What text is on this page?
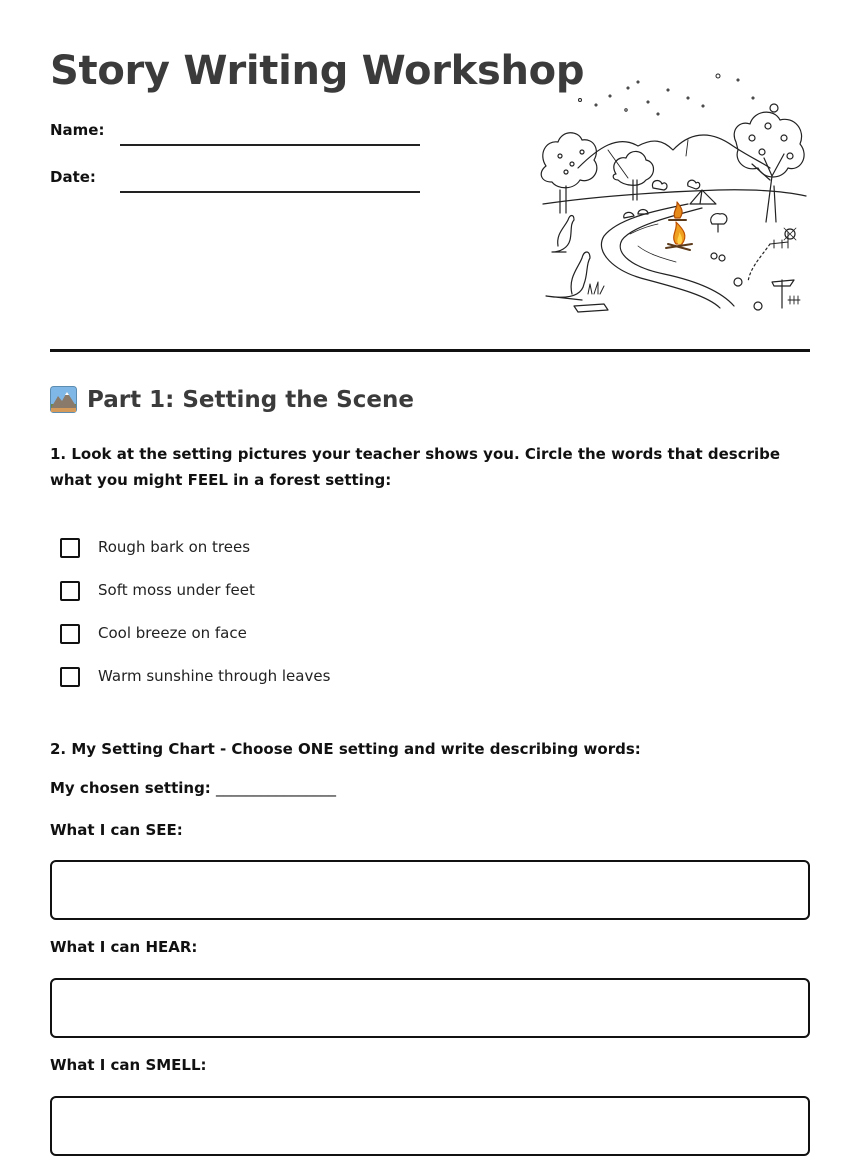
Story Writing Workshop
Name:
Date:
Part 1: Setting the Scene
1. Look at the setting pictures your teacher shows you. Circle the words that describe what you might FEEL in a forest setting:
Rough bark on trees
Soft moss under feet
Cool breeze on face
Warm sunshine through leaves
2. My Setting Chart - Choose ONE setting and write describing words:
My chosen setting: ________________
What I can SEE:
What I can HEAR:
What I can SMELL:
